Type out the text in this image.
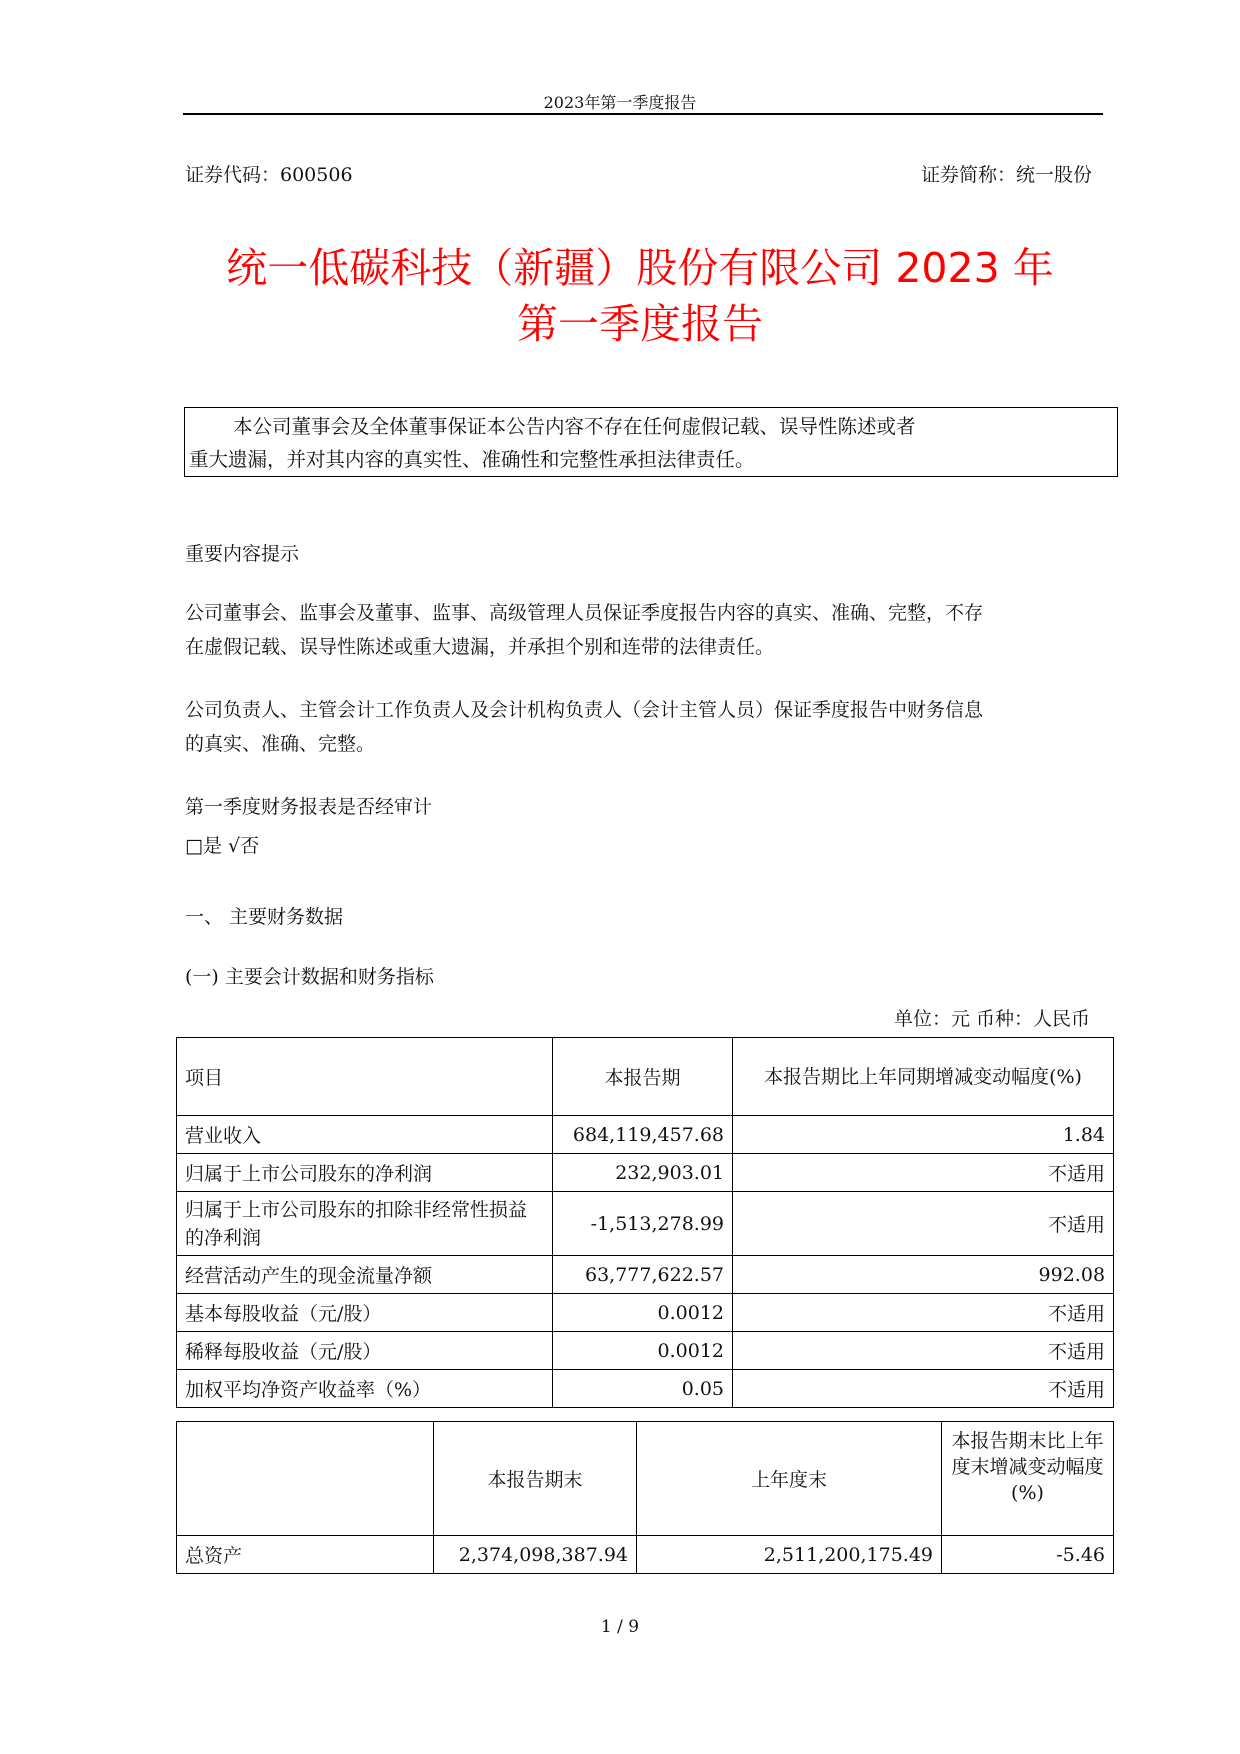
2023年第一季度报告
证券代码：600506	证券简称：统一股份
统一低碳科技（新疆）股份有限公司 2023 年
第一季度报告
本公司董事会及全体董事保证本公告内容不存在任何虚假记载、误导性陈述或者
重大遗漏，并对其内容的真实性、准确性和完整性承担法律责任。
重要内容提示
公司董事会、监事会及董事、监事、高级管理人员保证季度报告内容的真实、准确、完整，不存
在虚假记载、误导性陈述或重大遗漏，并承担个别和连带的法律责任。
公司负责人、主管会计工作负责人及会计机构负责人（会计主管人员）保证季度报告中财务信息
的真实、准确、完整。
第一季度财务报表是否经审计
□是 √否
一、 主要财务数据
(一) 主要会计数据和财务指标
单位：元 币种：人民币
项目	本报告期	本报告期比上年同期增减变动幅度(%)
营业收入	684,119,457.68	1.84
归属于上市公司股东的净利润	232,903.01	不适用
归属于上市公司股东的扣除非经常性损益的净利润	-1,513,278.99	不适用
经营活动产生的现金流量净额	63,777,622.57	992.08
基本每股收益（元/股）	0.0012	不适用
稀释每股收益（元/股）	0.0012	不适用
加权平均净资产收益率（%）	0.05	不适用
	本报告期末	上年度末	本报告期末比上年度末增减变动幅度(%)
总资产	2,374,098,387.94	2,511,200,175.49	-5.46
1 / 9
